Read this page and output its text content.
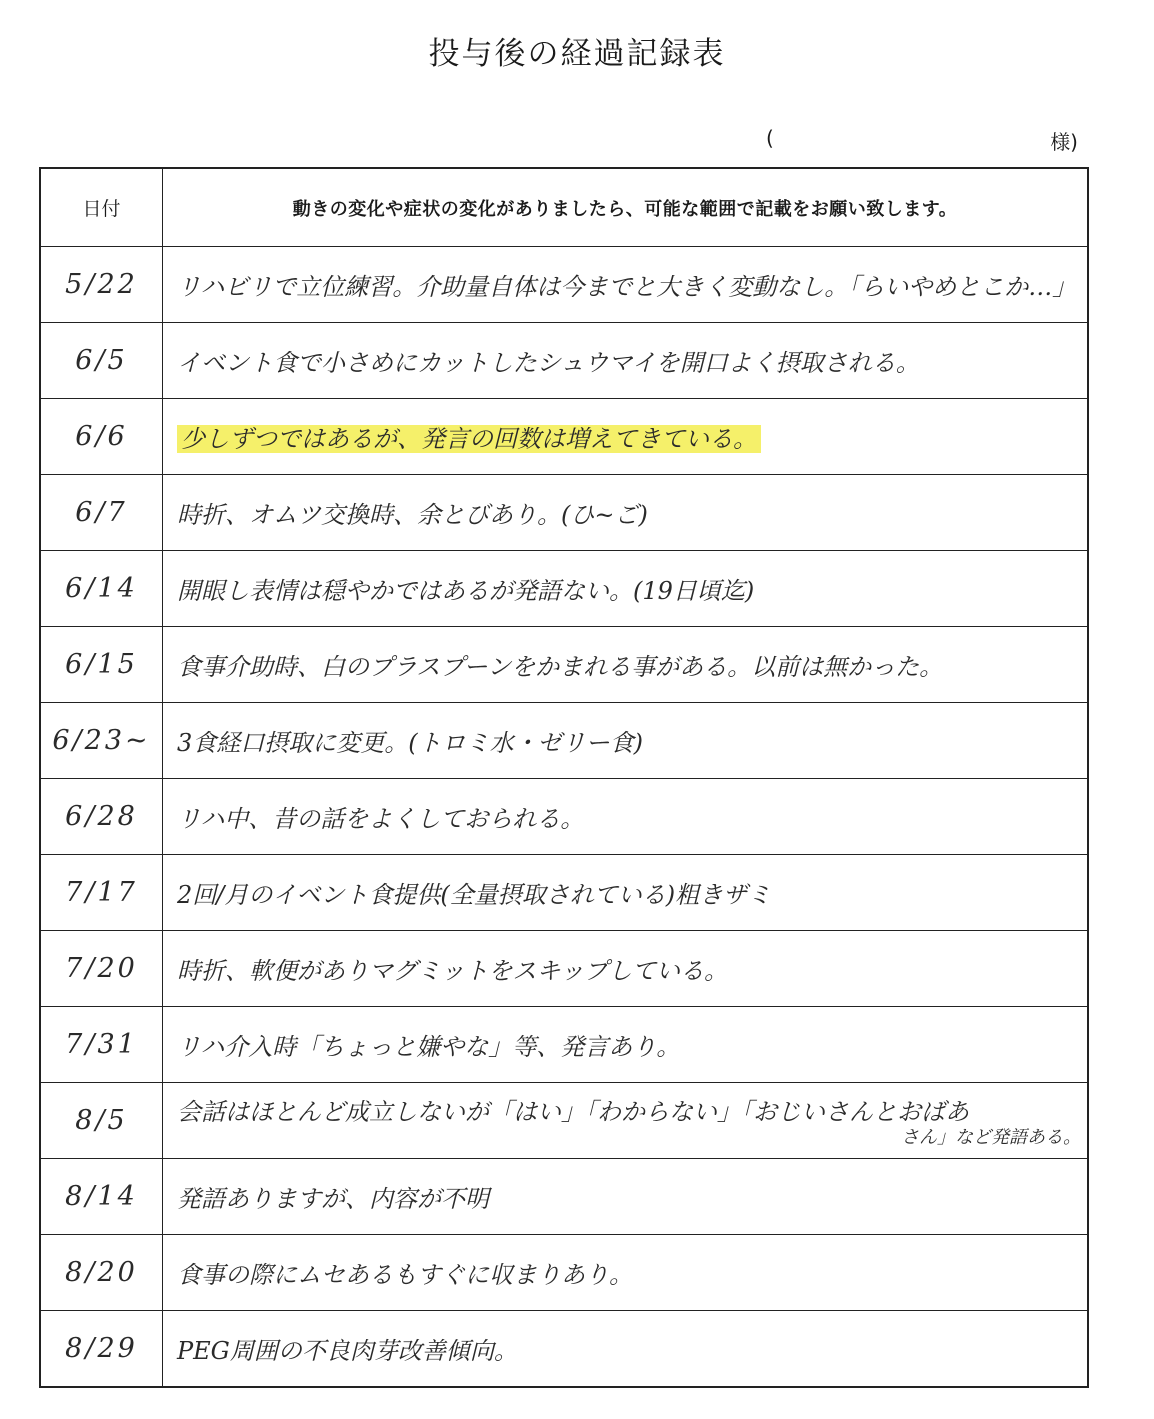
投与後の経過記録表
(	様)
日付	動きの変化や症状の変化がありましたら、可能な範囲で記載をお願い致します。
5/22	リハビリで立位練習。介助量自体は今までと大きく変動なし。「らいやめとこか…」
6/5	イベント食で小さめにカットしたシュウマイを開口よく摂取される。
6/6	少しずつではあるが、発言の回数は増えてきている。
6/7	時折、オムツ交換時、余とびあり。(ひ~ご)
6/14	開眼し表情は穏やかではあるが発語ない。(19日頃迄)
6/15	食事介助時、白のプラスプーンをかまれる事がある。以前は無かった。
6/23~	3食経口摂取に変更。(トロミ水・ゼリー食)
6/28	リハ中、昔の話をよくしておられる。
7/17	2回/月のイベント食提供(全量摂取されている)粗きザミ
7/20	時折、軟便がありマグミットをスキップしている。
7/31	リハ介入時「ちょっと嫌やな」等、発言あり。
8/5	会話はほとんど成立しないが「はい」「わからない」「おじいさんとおばあ
さん」など発語ある。

8/14	発語ありますが、内容が不明
8/20	食事の際にムセあるもすぐに収まりあり。
8/29	PEG周囲の不良肉芽改善傾向。
